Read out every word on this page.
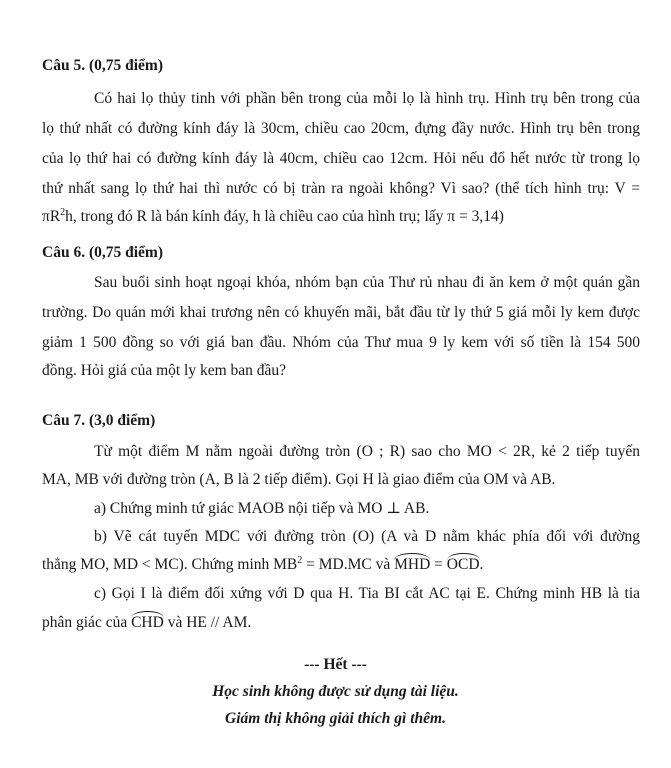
Câu 5. (0,75 điểm)
Có hai lọ thủy tinh với phần bên trong của mỗi lọ là hình trụ. Hình trụ bên trong của
lọ thứ nhất có đường kính đáy là 30cm, chiều cao 20cm, đựng đầy nước. Hình trụ bên trong
của lọ thứ hai có đường kính đáy là 40cm, chiều cao 12cm. Hỏi nếu đổ hết nước từ trong lọ
thứ nhất sang lọ thứ hai thì nước có bị tràn ra ngoài không? Vì sao? (thể tích hình trụ: V =
$\pi R^2h$, trong đó R là bán kính đáy, h là chiều cao của hình trụ; lấy π = 3,14)
Câu 6. (0,75 điểm)
Sau buổi sinh hoạt ngoại khóa, nhóm bạn của Thư rủ nhau đi ăn kem ở một quán gần
trường. Do quán mới khai trương nên có khuyến mãi, bắt đầu từ ly thứ 5 giá mỗi ly kem được
giảm 1 500 đồng so với giá ban đầu. Nhóm của Thư mua 9 ly kem với số tiền là 154 500
đồng. Hỏi giá của một ly kem ban đầu?
Câu 7. (3,0 điểm)
Từ một điểm M nằm ngoài đường tròn (O ; R) sao cho MO < 2R, kẻ 2 tiếp tuyến
MA, MB với đường tròn (A, B là 2 tiếp điểm). Gọi H là giao điểm của OM và AB.
a) Chứng minh tứ giác MAOB nội tiếp và MO ⊥ AB.
b) Vẽ cát tuyến MDC với đường tròn (O) (A và D nằm khác phía đối với đường
thẳng MO, MD < MC). Chứng minh $MB^2 = MD.MC$ và MHD = OCD.
c) Gọi I là điểm đối xứng với D qua H. Tia BI cắt AC tại E. Chứng minh HB là tia
phân giác của CHD và HE // AM.
--- Hết ---
Học sinh không được sử dụng tài liệu.
Giám thị không giải thích gì thêm.
